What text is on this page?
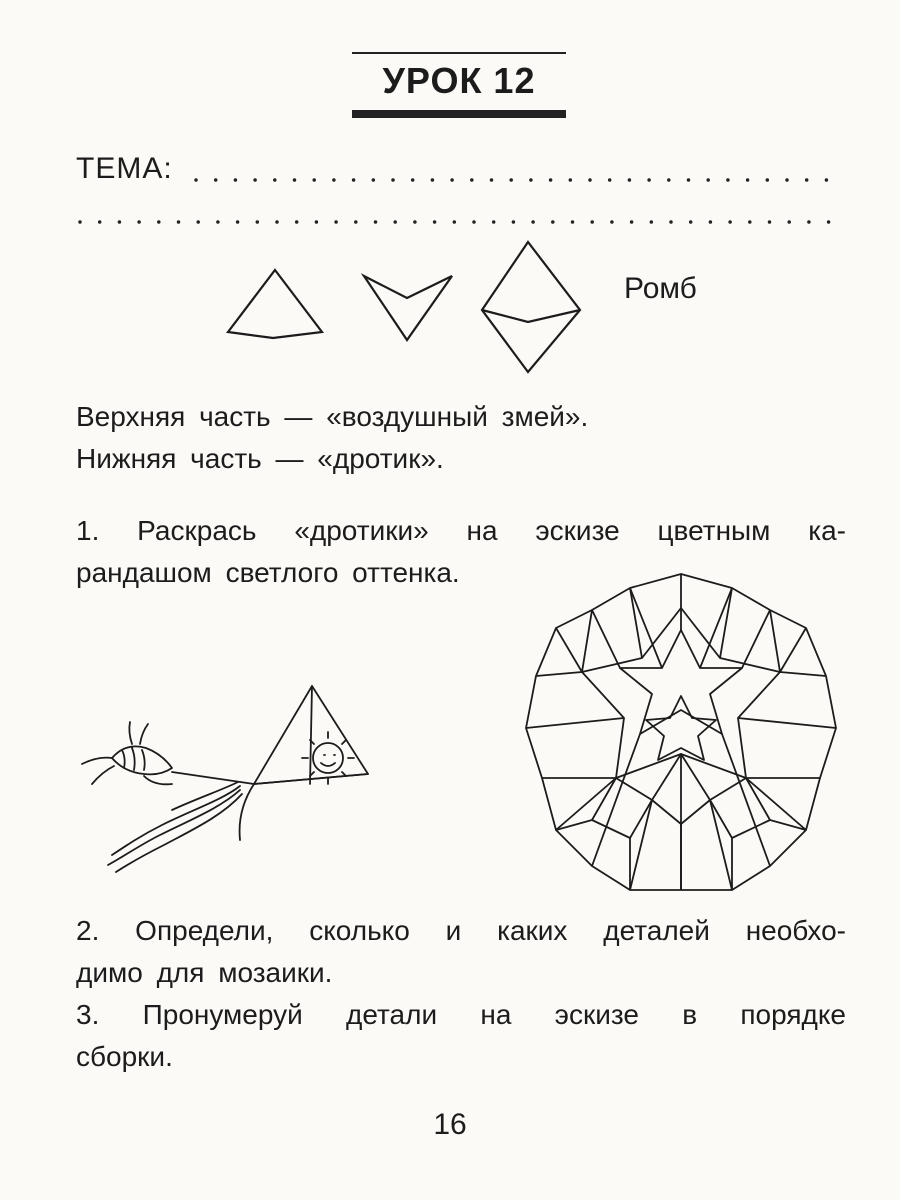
УРОК 12
ТЕМА:
Ромб
Верхняя часть — «воздушный змей».
Нижняя часть — «дротик».
1. Раскрась «дротики» на эскизе цветным ка-
рандашом светлого оттенка.
2. Определи, сколько и каких деталей необхо-
димо для мозаики.
3. Пронумеруй детали на эскизе в порядке
сборки.
16
